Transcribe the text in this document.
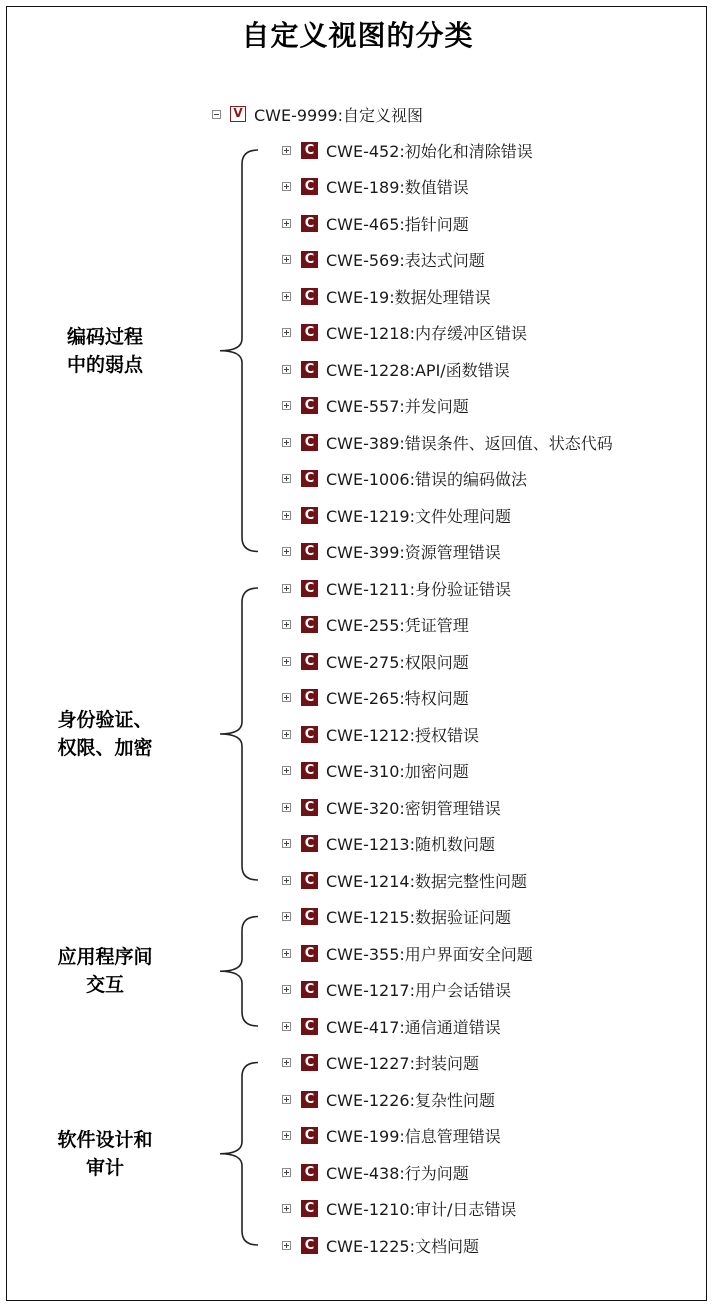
自定义视图的分类
V CWE-9999:自定义视图
编码过程
中的弱点
身份验证、
权限、加密
应用程序间
交互
软件设计和
审计
C CWE-452:初始化和清除错误
C CWE-189:数值错误
C CWE-465:指针问题
C CWE-569:表达式问题
C CWE-19:数据处理错误
C CWE-1218:内存缓冲区错误
C CWE-1228:API/函数错误
C CWE-557:并发问题
C CWE-389:错误条件、返回值、状态代码
C CWE-1006:错误的编码做法
C CWE-1219:文件处理问题
C CWE-399:资源管理错误
C CWE-1211:身份验证错误
C CWE-255:凭证管理
C CWE-275:权限问题
C CWE-265:特权问题
C CWE-1212:授权错误
C CWE-310:加密问题
C CWE-320:密钥管理错误
C CWE-1213:随机数问题
C CWE-1214:数据完整性问题
C CWE-1215:数据验证问题
C CWE-355:用户界面安全问题
C CWE-1217:用户会话错误
C CWE-417:通信通道错误
C CWE-1227:封装问题
C CWE-1226:复杂性问题
C CWE-199:信息管理错误
C CWE-438:行为问题
C CWE-1210:审计/日志错误
C CWE-1225:文档问题
